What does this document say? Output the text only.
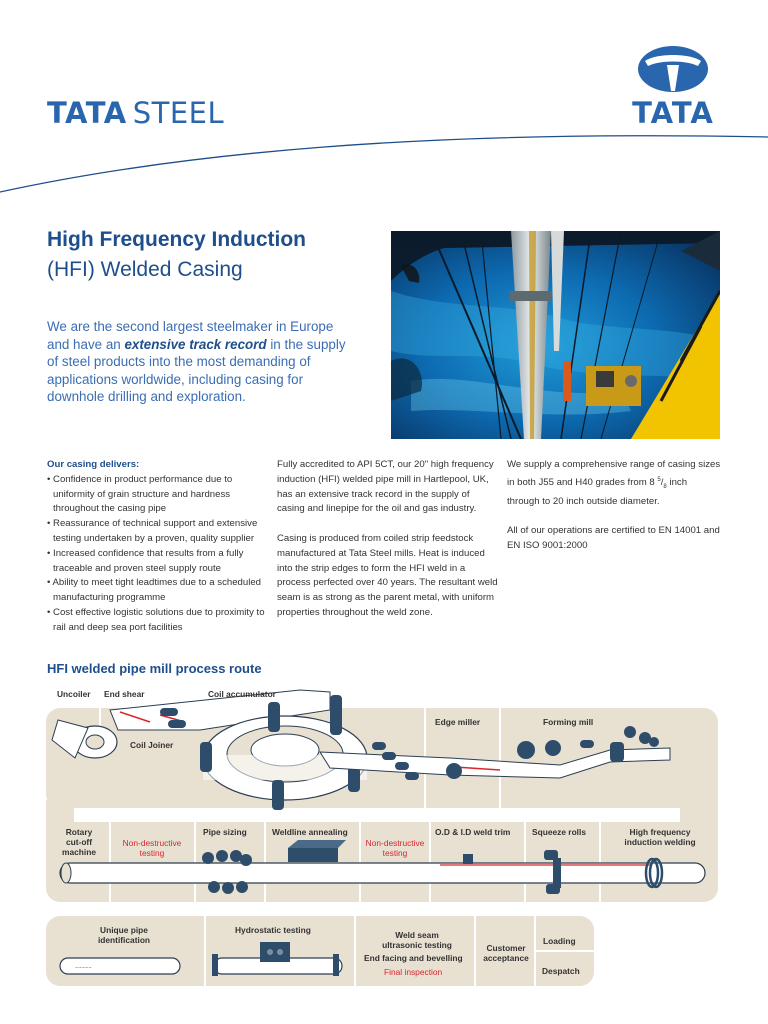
TATA STEEL	TATA
High Frequency Induction
(HFI) Welded Casing
We are the second largest steelmaker in Europe and have an extensive track record in the supply of steel products into the most demanding of applications worldwide, including casing for downhole drilling and exploration.
Our casing delivers:
• Confidence in product performance due to uniformity of grain structure and hardness throughout the casing pipe
• Reassurance of technical support and extensive testing undertaken by a proven, quality supplier
• Increased confidence that results from a fully traceable and proven steel supply route
• Ability to meet tight leadtimes due to a scheduled manufacturing programme
• Cost effective logistic solutions due to proximity to rail and deep sea port facilities

Fully accredited to API 5CT, our 20" high frequency induction (HFI) welded pipe mill in Hartlepool, UK, has an extensive track record in the supply of casing and linepipe for the oil and gas industry.

Casing is produced from coiled strip feedstock manufactured at Tata Steel mills. Heat is induced into the strip edges to form the HFI weld in a process perfected over 40 years. The resultant weld seam is as strong as the parent metal, with uniform properties throughout the weld zone.

We supply a comprehensive range of casing sizes in both J55 and H40 grades from 8 $^5/_8$ inch through to 20 inch outside diameter.

All of our operations are certified to EN 14001 and EN ISO 9001:2000

HFI welded pipe mill process route
~~~~~
Uncoiler End shear	Coil accumulator
Coil Joiner
Edge miller	Forming mill
Rotary
cut-off
machine
Non-destructive
testing
Pipe sizing	Weldline annealing
Non-destructive
testing
O.D & I.D weld trim	Squeeze rolls	High frequency
induction welding
Unique pipe
identification
Hydrostatic testing	Weld seam
ultrasonic testing
End facing and bevelling
Final inspection
Customer
acceptance
Loading
Despatch
